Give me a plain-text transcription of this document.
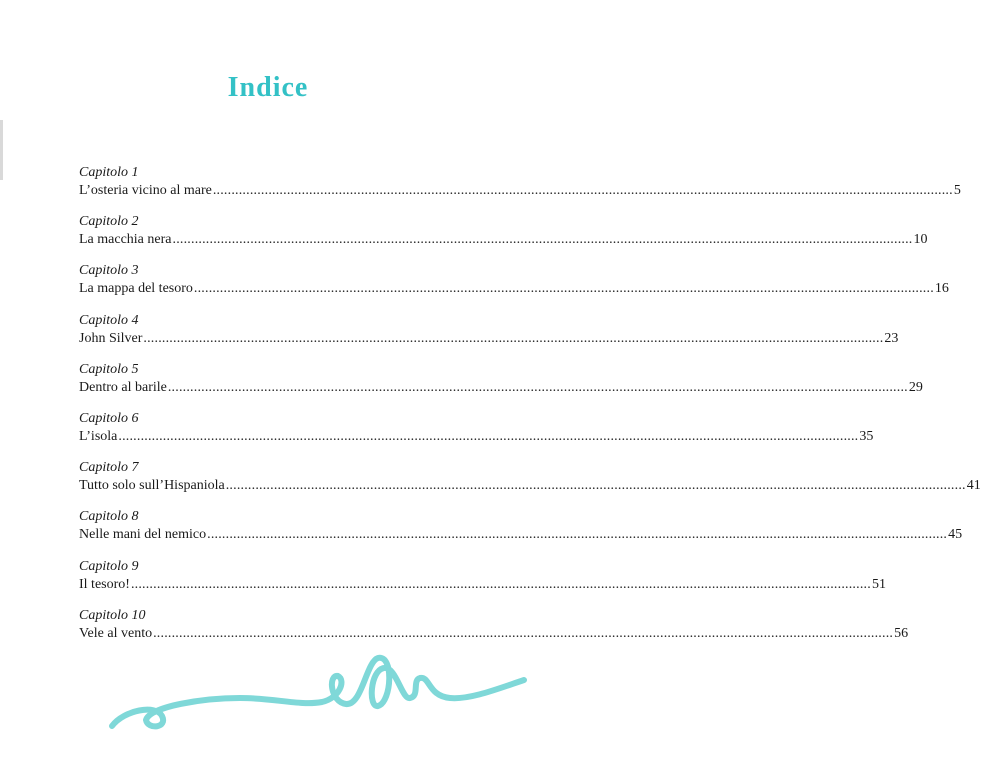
Indice
Capitolo 1
L’osteria vicino al mare ........................................................................................................................................................................................................ 5
Capitolo 2
La macchia nera ........................................................................................................................................................................................................ 10
Capitolo 3
La mappa del tesoro ........................................................................................................................................................................................................ 16
Capitolo 4
John Silver ........................................................................................................................................................................................................ 23
Capitolo 5
Dentro al barile ........................................................................................................................................................................................................ 29
Capitolo 6
L’isola ........................................................................................................................................................................................................ 35
Capitolo 7
Tutto solo sull’Hispaniola ........................................................................................................................................................................................................ 41
Capitolo 8
Nelle mani del nemico ........................................................................................................................................................................................................ 45
Capitolo 9
Il tesoro! ........................................................................................................................................................................................................ 51
Capitolo 10
Vele al vento ........................................................................................................................................................................................................ 56
